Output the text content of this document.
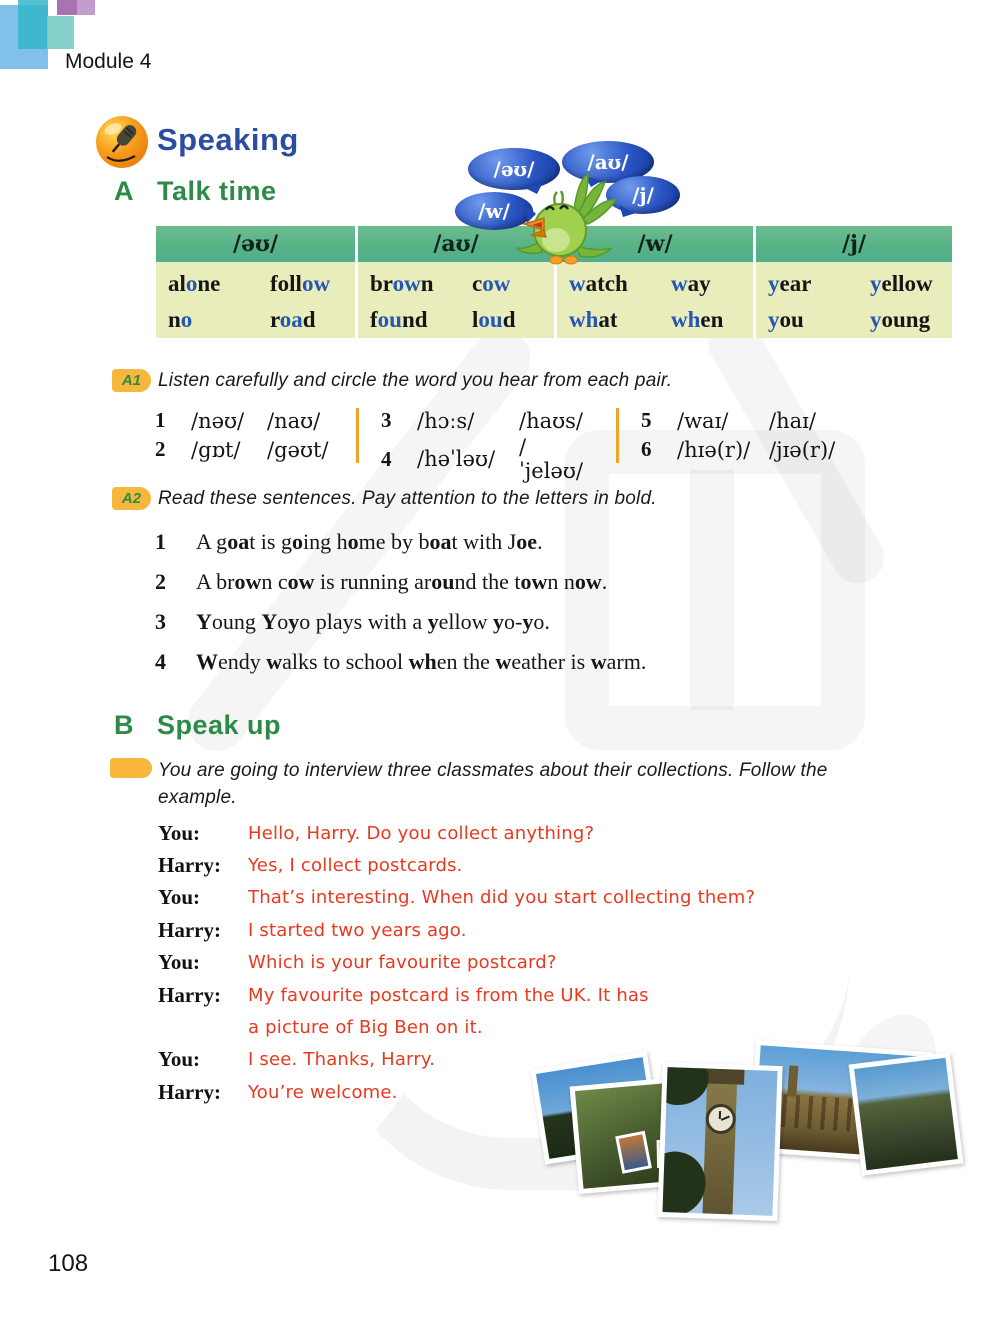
Module 4
Speaking
A Talk time
/əʊ/
alone	follow
no	road
/aʊ/
brown	cow
found	loud
/w/
watch	way
what	when
/j/
year	yellow
you	young
/əʊ/	/aʊ/
/w/
/j/
A1 Listen carefully and circle the word you hear from each pair.
1	/nəʊ/	/naʊ/
2	/gɒt/	/gəʊt/
3	/hɔːs/	/haʊs/
4	/həˈləʊ/	/ˈjeləʊ/
5	/waɪ/	/haɪ/
6	/hɪə(r)/ /jɪə(r)/
A2 Read these sentences. Pay attention to the letters in bold.
1	A goat is going home by boat with Joe.
2	A brown cow is running around the town now.
3	Young Yoyo plays with a yellow yo-yo.
4	Wendy walks to school when the weather is warm.
B Speak up
You are going to interview three classmates about their collections. Follow the
example.
You:	Hello, Harry. Do you collect anything?
Harry:	Yes, I collect postcards.
You:	That’s interesting. When did you start collecting them?
Harry:	I started two years ago.
You:	Which is your favourite postcard?
Harry:	My favourite postcard is from the UK. It has
a picture of Big Ben on it.
You:	I see. Thanks, Harry.
Harry:	You’re welcome.
108
